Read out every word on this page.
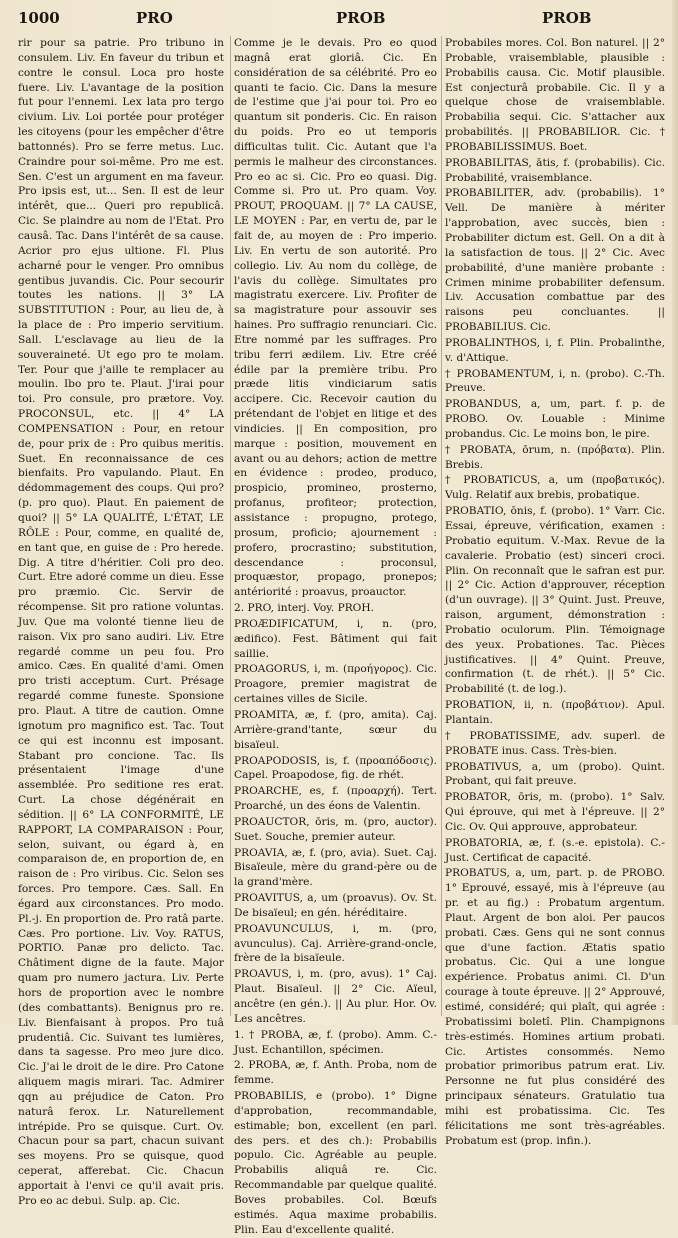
1000	PRO	PROB	PROB

rir pour sa patrie. Pro tribuno in consulem. Liv. En faveur du tribun et contre le consul. Loca pro hoste fuere. Liv. L'avantage de la position fut pour l'ennemi. Lex lata pro tergo civium. Liv. Loi portée pour protéger les citoyens (pour les empêcher d'être battonnés). Pro se ferre metus. Luc. Craindre pour soi-même. Pro me est. Sen. C'est un argument en ma faveur. Pro ipsis est, ut... Sen. Il est de leur intérêt, que... Queri pro republicâ. Cic. Se plaindre au nom de l'Etat. Pro causâ. Tac. Dans l'intérêt de sa cause. Acrior pro ejus ultione. Fl. Plus acharné pour le venger. Pro omnibus gentibus juvandis. Cic. Pour secourir toutes les nations. || 3° LA SUBSTITUTION : Pour, au lieu de, à la place de : Pro imperio servitium. Sall. L'esclavage au lieu de la souveraineté. Ut ego pro te molam. Ter. Pour que j'aille te remplacer au moulin. Ibo pro te. Plaut. J'irai pour toi. Pro consule, pro prætore. Voy. PROCONSUL, etc. || 4° LA COMPENSATION : Pour, en retour de, pour prix de : Pro quibus meritis. Suet. En reconnaissance de ces bienfaits. Pro vapulando. Plaut. En dédommagement des coups. Qui pro? (p. pro quo). Plaut. En paiement de quoi? || 5° LA QUALITÉ, L'ÉTAT, LE RÔLE : Pour, comme, en qualité de, en tant que, en guise de : Pro herede. Dig. A titre d'héritier. Coli pro deo. Curt. Etre adoré comme un dieu. Esse pro præmio. Cic. Servir de récompense. Sit pro ratione voluntas. Juv. Que ma volonté tienne lieu de raison. Vix pro sano audiri. Liv. Etre regardé comme un peu fou. Pro amico. Cæs. En qualité d'ami. Omen pro tristi acceptum. Curt. Présage regardé comme funeste. Sponsione pro. Plaut. A titre de caution. Omne ignotum pro magnifico est. Tac. Tout ce qui est inconnu est imposant. Stabant pro concione. Tac. Ils présentaient l'image d'une assemblée. Pro seditione res erat. Curt. La chose dégénérait en sédition. || 6° LA CONFORMITÉ, LE RAPPORT, LA COMPARAISON : Pour, selon, suivant, ou égard à, en comparaison de, en proportion de, en raison de : Pro viribus. Cic. Selon ses forces. Pro tempore. Cæs. Sall. En égard aux circonstances. Pro modo. Pl.-j. En proportion de. Pro ratâ parte. Cæs. Pro portione. Liv. Voy. RATUS, PORTIO. Panæ pro delicto. Tac. Châtiment digne de la faute. Major quam pro numero jactura. Liv. Perte hors de proportion avec le nombre (des combattants). Benignus pro re. Liv. Bienfaisant à propos. Pro tuâ prudentiâ. Cic. Suivant tes lumières, dans ta sagesse. Pro meo jure dico. Cic. J'ai le droit de le dire. Pro Catone aliquem magis mirari. Tac. Admirer qqn au préjudice de Caton. Pro naturâ ferox. Lr. Naturellement intrépide. Pro se quisque. Curt. Ov. Chacun pour sa part, chacun suivant ses moyens. Pro se quisque, quod ceperat, afferebat. Cic. Chacun apportait à l'envi ce qu'il avait pris. Pro eo ac debui. Sulp. ap. Cic.

Comme je le devais. Pro eo quod magnâ erat gloriâ. Cic. En considération de sa célébrité. Pro eo quanti te facio. Cic. Dans la mesure de l'estime que j'ai pour toi. Pro eo quantum sit ponderis. Cic. En raison du poids. Pro eo ut temporis difficultas tulit. Cic. Autant que l'a permis le malheur des circonstances. Pro eo ac si. Cic. Pro eo quasi. Dig. Comme si. Pro ut. Pro quam. Voy. PROUT, PROQUAM. || 7° LA CAUSE, LE MOYEN : Par, en vertu de, par le fait de, au moyen de : Pro imperio. Liv. En vertu de son autorité. Pro collegio. Liv. Au nom du collège, de l'avis du collège. Simultates pro magistratu exercere. Liv. Profiter de sa magistrature pour assouvir ses haines. Pro suffragio renunciari. Cic. Etre nommé par les suffrages. Pro tribu ferri ædilem. Liv. Etre créé édile par la première tribu. Pro præde litis vindiciarum satis accipere. Cic. Recevoir caution du prétendant de l'objet en litige et des vindicies. || En composition, pro marque : position, mouvement en avant ou au dehors; action de mettre en évidence : prodeo, produco, prospicio, promineo, prosterno, profanus, profiteor; protection, assistance : propugno, protego, prosum, proficio; ajournement : profero, procrastino; substitution, descendance : proconsul, proquæstor, propago, pronepos; antériorité : proavus, proauctor.

2. PRO, interj. Voy. PROH.

PROÆDIFICATUM, i, n. (pro, ædifico). Fest. Bâtiment qui fait saillie.

PROAGORUS, i, m. (προήγορος). Cic. Proagore, premier magistrat de certaines villes de Sicile.

PROAMITA, æ, f. (pro, amita). Caj. Arrière-grand'tante, sœur du bisaïeul.

PROAPODOSIS, is, f. (προαπόδοσις). Capel. Proapodose, fig. de rhét.

PROARCHE, es, f. (προαρχή). Tert. Proarché, un des éons de Valentin.

PROAUCTOR, ōris, m. (pro, auctor). Suet. Souche, premier auteur.

PROAVIA, æ, f. (pro, avia). Suet. Caj. Bisaïeule, mère du grand-père ou de la grand'mère.

PROAVITUS, a, um (proavus). Ov. St. De bisaïeul; en gén. héréditaire.

PROAVUNCULUS, i, m. (pro, avunculus). Caj. Arrière-grand-oncle, frère de la bisaïeule.

PROAVUS, i, m. (pro, avus). 1° Caj. Plaut. Bisaïeul. || 2° Cic. Aïeul, ancêtre (en gén.). || Au plur. Hor. Ov. Les ancêtres.

1. † PROBA, æ, f. (probo). Amm. C.-Just. Echantillon, spécimen.

2. PROBA, æ, f. Anth. Proba, nom de femme.

PROBABILIS, e (probo). 1° Digne d'approbation, recommandable, estimable; bon, excellent (en parl. des pers. et des ch.): Probabilis populo. Cic. Agréable au peuple. Probabilis aliquâ re. Cic. Recommandable par quelque qualité. Boves probabiles. Col. Bœufs estimés. Aqua maxime probabilis. Plin. Eau d'excellente qualité.

Probabiles mores. Col. Bon naturel. || 2° Probable, vraisemblable, plausible : Probabilis causa. Cic. Motif plausible. Est conjecturâ probabile. Cic. Il y a quelque chose de vraisemblable. Probabilia sequi. Cic. S'attacher aux probabilités. || PROBABILIOR. Cic. † PROBABILISSIMUS. Boet.

PROBABILITAS, ātis, f. (probabilis). Cic. Probabilité, vraisemblance.

PROBABILITER, adv. (probabilis). 1° Vell. De manière à mériter l'approbation, avec succès, bien : Probabiliter dictum est. Gell. On a dit à la satisfaction de tous. || 2° Cic. Avec probabilité, d'une manière probante : Crimen minime probabiliter defensum. Liv. Accusation combattue par des raisons peu concluantes. || PROBABILIUS. Cic.

PROBALINTHOS, i, f. Plin. Probalinthe, v. d'Attique.

† PROBAMENTUM, i, n. (probo). C.-Th. Preuve.

PROBANDUS, a, um, part. f. p. de PROBO. Ov. Louable : Minime probandus. Cic. Le moins bon, le pire.

† PROBATA, ōrum, n. (πρόβατα). Plin. Brebis.

† PROBATICUS, a, um (προβατικός). Vulg. Relatif aux brebis, probatique.

PROBATIO, ōnis, f. (probo). 1° Varr. Cic. Essai, épreuve, vérification, examen : Probatio equitum. V.-Max. Revue de la cavalerie. Probatio (est) sinceri croci. Plin. On reconnaît que le safran est pur. || 2° Cic. Action d'approuver, réception (d'un ouvrage). || 3° Quint. Just. Preuve, raison, argument, démonstration : Probatio oculorum. Plin. Témoignage des yeux. Probationes. Tac. Pièces justificatives. || 4° Quint. Preuve, confirmation (t. de rhét.). || 5° Cic. Probabilité (t. de log.).

PROBATION, ii, n. (προβάτιον). Apul. Plantain.

† PROBATISSIME, adv. superl. de PROBATE inus. Cass. Très-bien.

PROBATIVUS, a, um (probo). Quint. Probant, qui fait preuve.

PROBATOR, ōris, m. (probo). 1° Salv. Qui éprouve, qui met à l'épreuve. || 2° Cic. Ov. Qui approuve, approbateur.

PROBATORIA, æ, f. (s.-e. epistola). C.-Just. Certificat de capacité.

PROBATUS, a, um, part. p. de PROBO. 1° Eprouvé, essayé, mis à l'épreuve (au pr. et au fig.) : Probatum argentum. Plaut. Argent de bon aloi. Per paucos probati. Cæs. Gens qui ne sont connus que d'une faction. Ætatis spatio probatus. Cic. Qui a une longue expérience. Probatus animi. Cl. D'un courage à toute épreuve. || 2° Approuvé, estimé, considéré; qui plaît, qui agrée : Probatissimi boletî. Plin. Champignons très-estimés. Homines artium probati. Cic. Artistes consommés. Nemo probatior primoribus patrum erat. Liv. Personne ne fut plus considéré des principaux sénateurs. Gratulatio tua mihi est probatissima. Cic. Tes félicitations me sont très-agréables. Probatum est (prop. infin.).
